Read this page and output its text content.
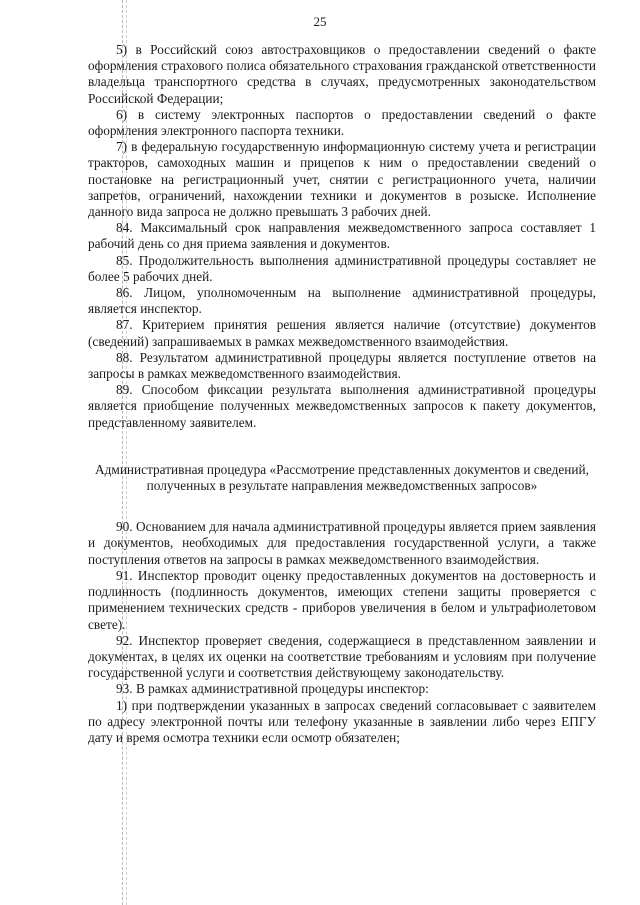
25

5) в Российский союз автостраховщиков о предоставлении сведений о факте оформления страхового полиса обязательного страхования гражданской ответственности владельца транспортного средства в случаях, предусмотренных законодательством Российской Федерации;

6) в систему электронных паспортов о предоставлении сведений о факте оформления электронного паспорта техники.

7) в федеральную государственную информационную систему учета и регистрации тракторов, самоходных машин и прицепов к ним о предоставлении сведений о постановке на регистрационный учет, снятии с регистрационного учета, наличии запретов, ограничений, нахождении техники и документов в розыске. Исполнение данного вида запроса не должно превышать 3 рабочих дней.

84. Максимальный срок направления межведомственного запроса составляет 1 рабочий день со дня приема заявления и документов.

85. Продолжительность выполнения административной процедуры составляет не более 5 рабочих дней.

86. Лицом, уполномоченным на выполнение административной процедуры, является инспектор.

87. Критерием принятия решения является наличие (отсутствие) документов (сведений) запрашиваемых в рамках межведомственного взаимодействия.

88. Результатом административной процедуры является поступление ответов на запросы в рамках межведомственного взаимодействия.

89. Способом фиксации результата выполнения административной процедуры является приобщение полученных межведомственных запросов к пакету документов, представленному заявителем.

Административная процедура «Рассмотрение представленных документов и сведений, полученных в результате направления межведомственных запросов»

90. Основанием для начала административной процедуры является прием заявления и документов, необходимых для предоставления государственной услуги, а также поступления ответов на запросы в рамках межведомственного взаимодействия.

91. Инспектор проводит оценку предоставленных документов на достоверность и подлинность (подлинность документов, имеющих степени защиты проверяется с применением технических средств - приборов увеличения в белом и ультрафиолетовом свете).

92. Инспектор проверяет сведения, содержащиеся в представленном заявлении и документах, в целях их оценки на соответствие требованиям и условиям при получение государственной услуги и соответствия действующему законодательству.

93. В рамках административной процедуры инспектор:

1) при подтверждении указанных в запросах сведений согласовывает с заявителем по адресу электронной почты или телефону указанные в заявлении либо через ЕПГУ дату и время осмотра техники если осмотр обязателен;
